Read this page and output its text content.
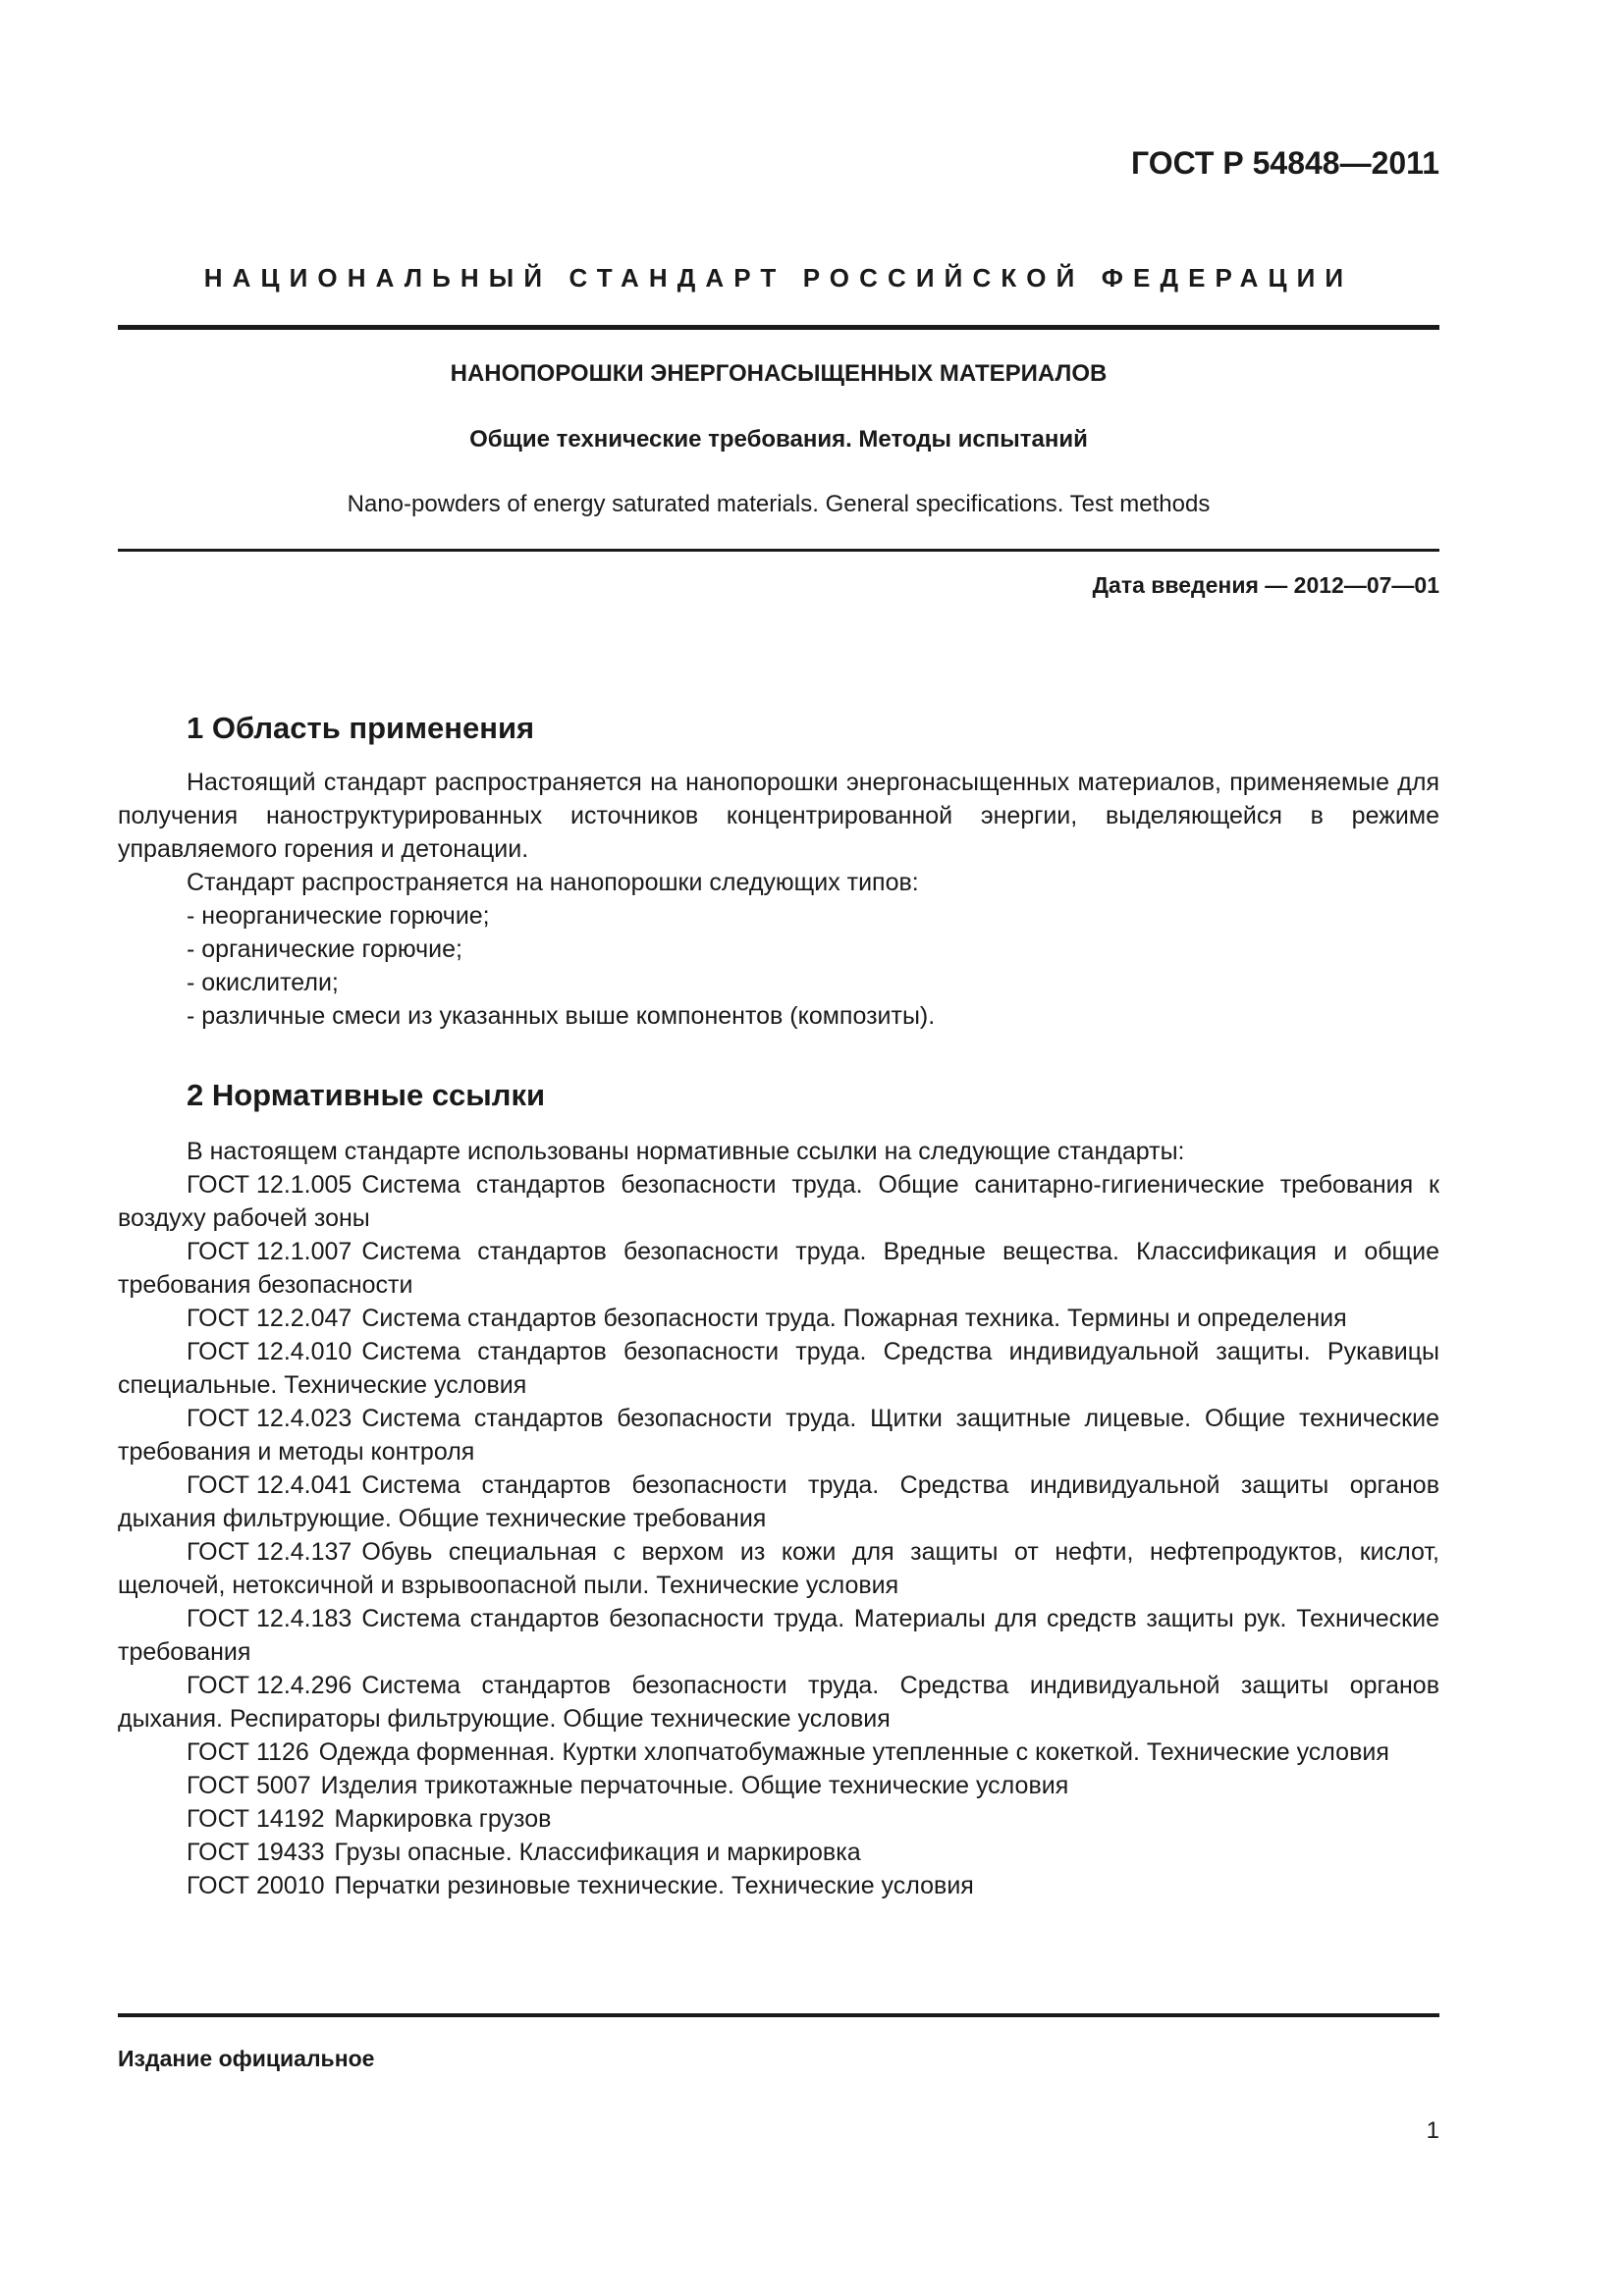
ГОСТ Р 54848—2011

НАЦИОНАЛЬНЫЙ СТАНДАРТ РОССИЙСКОЙ ФЕДЕРАЦИИ

НАНОПОРОШКИ ЭНЕРГОНАСЫЩЕННЫХ МАТЕРИАЛОВ
Общие технические требования. Методы испытаний

Nano-powders of energy saturated materials. General specifications. Test methods

Дата введения — 2012—07—01

1 Область применения

Настоящий стандарт распространяется на нанопорошки энергонасыщенных материалов, применяемые для получения наноструктурированных источников концентрированной энергии, выделяющейся в режиме управляемого горения и детонации.

Стандарт распространяется на нанопорошки следующих типов:

- неорганические горючие;

- органические горючие;

- окислители;

- различные смеси из указанных выше компонентов (композиты).

2 Нормативные ссылки

В настоящем стандарте использованы нормативные ссылки на следующие стандарты:

ГОСТ 12.1.005 Система стандартов безопасности труда. Общие санитарно-гигиенические требования к воздуху рабочей зоны

ГОСТ 12.1.007 Система стандартов безопасности труда. Вредные вещества. Классификация и общие требования безопасности

ГОСТ 12.2.047 Система стандартов безопасности труда. Пожарная техника. Термины и определения

ГОСТ 12.4.010 Система стандартов безопасности труда. Средства индивидуальной защиты. Рукавицы специальные. Технические условия

ГОСТ 12.4.023 Система стандартов безопасности труда. Щитки защитные лицевые. Общие технические требования и методы контроля

ГОСТ 12.4.041 Система стандартов безопасности труда. Средства индивидуальной защиты органов дыхания фильтрующие. Общие технические требования

ГОСТ 12.4.137 Обувь специальная с верхом из кожи для защиты от нефти, нефтепродуктов, кислот, щелочей, нетоксичной и взрывоопасной пыли. Технические условия

ГОСТ 12.4.183 Система стандартов безопасности труда. Материалы для средств защиты рук. Технические требования

ГОСТ 12.4.296 Система стандартов безопасности труда. Средства индивидуальной защиты органов дыхания. Респираторы фильтрующие. Общие технические условия

ГОСТ 1126 Одежда форменная. Куртки хлопчатобумажные утепленные с кокеткой. Технические условия

ГОСТ 5007 Изделия трикотажные перчаточные. Общие технические условия

ГОСТ 14192 Маркировка грузов

ГОСТ 19433 Грузы опасные. Классификация и маркировка

ГОСТ 20010 Перчатки резиновые технические. Технические условия

Издание официальное

1
